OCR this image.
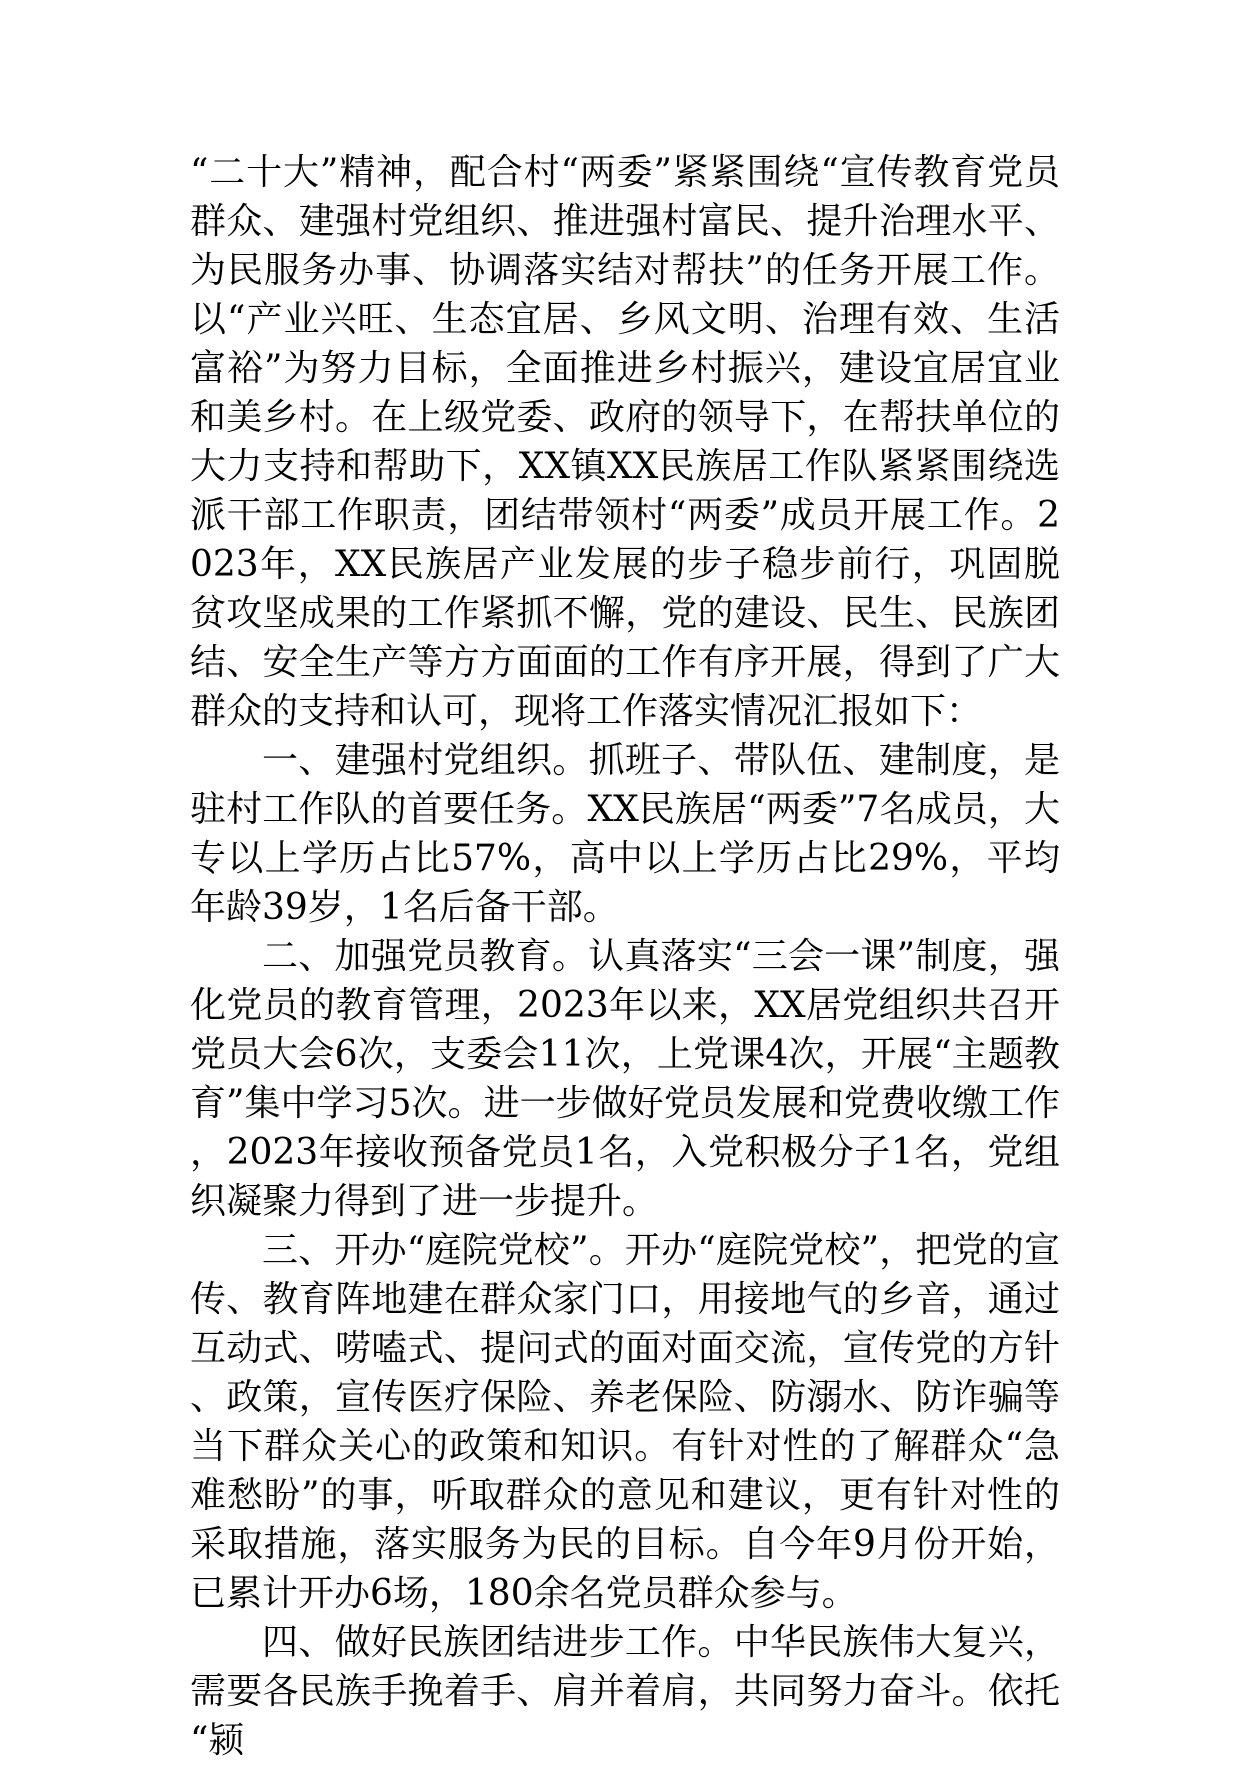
“二十大”精神，配合村“两委”紧紧围绕“宣传教育党员群众、建强村党组织、推进强村富民、提升治理水平、为民服务办事、协调落实结对帮扶”的任务开展工作。以“产业兴旺、生态宜居、乡风文明、治理有效、生活富裕”为努力目标，全面推进乡村振兴，建设宜居宜业和美乡村。在上级党委、政府的领导下，在帮扶单位的大力支持和帮助下，XX镇XX民族居工作队紧紧围绕选派干部工作职责，团结带领村“两委”成员开展工作。2023年，XX民族居产业发展的步子稳步前行，巩固脱贫攻坚成果的工作紧抓不懈，党的建设、民生、民族团结、安全生产等方方面面的工作有序开展，得到了广大群众的支持和认可，现将工作落实情况汇报如下：

一、建强村党组织。抓班子、带队伍、建制度，是驻村工作队的首要任务。XX民族居“两委”7名成员，大专以上学历占比57%，高中以上学历占比29%，平均年龄39岁，1名后备干部。

二、加强党员教育。认真落实“三会一课”制度，强化党员的教育管理，2023年以来，XX居党组织共召开党员大会6次，支委会11次，上党课4次，开展“主题教育”集中学习5次。进一步做好党员发展和党费收缴工作，2023年接收预备党员1名，入党积极分子1名，党组织凝聚力得到了进一步提升。

三、开办“庭院党校”。开办“庭院党校”，把党的宣传、教育阵地建在群众家门口，用接地气的乡音，通过互动式、唠嗑式、提问式的面对面交流，宣传党的方针、政策，宣传医疗保险、养老保险、防溺水、防诈骗等当下群众关心的政策和知识。有针对性的了解群众“急难愁盼”的事，听取群众的意见和建议，更有针对性的采取措施，落实服务为民的目标。自今年9月份开始，已累计开办6场，180余名党员群众参与。

四、做好民族团结进步工作。中华民族伟大复兴，需要各民族手挽着手、肩并着肩，共同努力奋斗。依托“颍
